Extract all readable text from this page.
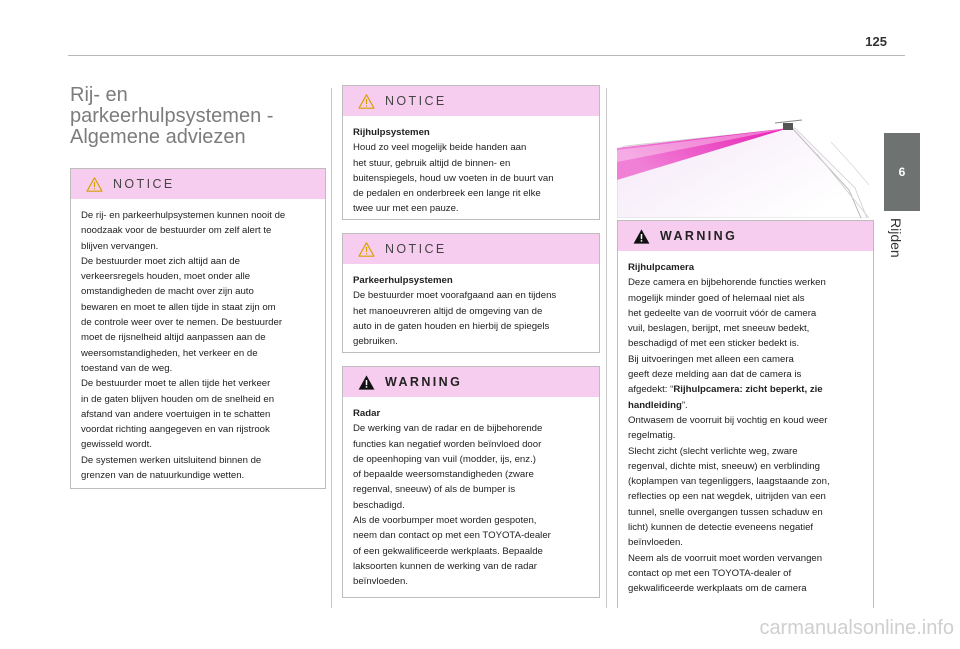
125
6
Rijden
Rij- en
parkeerhulpsystemen -
Algemene adviezen
NOTICE

De rij- en parkeerhulpsystemen kunnen nooit de

noodzaak voor de bestuurder om zelf alert te

blijven vervangen.

De bestuurder moet zich altijd aan de

verkeersregels houden, moet onder alle

omstandigheden de macht over zijn auto

bewaren en moet te allen tijde in staat zijn om

de controle weer over te nemen. De bestuurder

moet de rijsnelheid altijd aanpassen aan de

weersomstandigheden, het verkeer en de

toestand van de weg.

De bestuurder moet te allen tijde het verkeer

in de gaten blijven houden om de snelheid en

afstand van andere voertuigen in te schatten

voordat richting aangegeven en van rijstrook

gewisseld wordt.

De systemen werken uitsluitend binnen de

grenzen van de natuurkundige wetten.

NOTICE

Rijhulpsystemen

Houd zo veel mogelijk beide handen aan

het stuur, gebruik altijd de binnen- en

buitenspiegels, houd uw voeten in de buurt van

de pedalen en onderbreek een lange rit elke

twee uur met een pauze.

NOTICE

Parkeerhulpsystemen

De bestuurder moet voorafgaand aan en tijdens

het manoeuvreren altijd de omgeving van de

auto in de gaten houden en hierbij de spiegels

gebruiken.

WARNING

Radar

De werking van de radar en de bijbehorende

functies kan negatief worden beïnvloed door

de opeenhoping van vuil (modder, ijs, enz.)

of bepaalde weersomstandigheden (zware

regenval, sneeuw) of als de bumper is

beschadigd.

Als de voorbumper moet worden gespoten,

neem dan contact op met een TOYOTA-dealer

of een gekwalificeerde werkplaats. Bepaalde

laksoorten kunnen de werking van de radar

beïnvloeden.

WARNING

Rijhulpcamera

Deze camera en bijbehorende functies werken

mogelijk minder goed of helemaal niet als

het gedeelte van de voorruit vóór de camera

vuil, beslagen, berijpt, met sneeuw bedekt,

beschadigd of met een sticker bedekt is.

Bij uitvoeringen met alleen een camera

geeft deze melding aan dat de camera is

afgedekt: “Rijhulpcamera: zicht beperkt, zie

handleiding”.

Ontwasem de voorruit bij vochtig en koud weer

regelmatig.

Slecht zicht (slecht verlichte weg, zware

regenval, dichte mist, sneeuw) en verblinding

(koplampen van tegenliggers, laagstaande zon,

reflecties op een nat wegdek, uitrijden van een

tunnel, snelle overgangen tussen schaduw en

licht) kunnen de detectie eveneens negatief

beïnvloeden.

Neem als de voorruit moet worden vervangen

contact op met een TOYOTA-dealer of

gekwalificeerde werkplaats om de camera

carmanualsonline.info
